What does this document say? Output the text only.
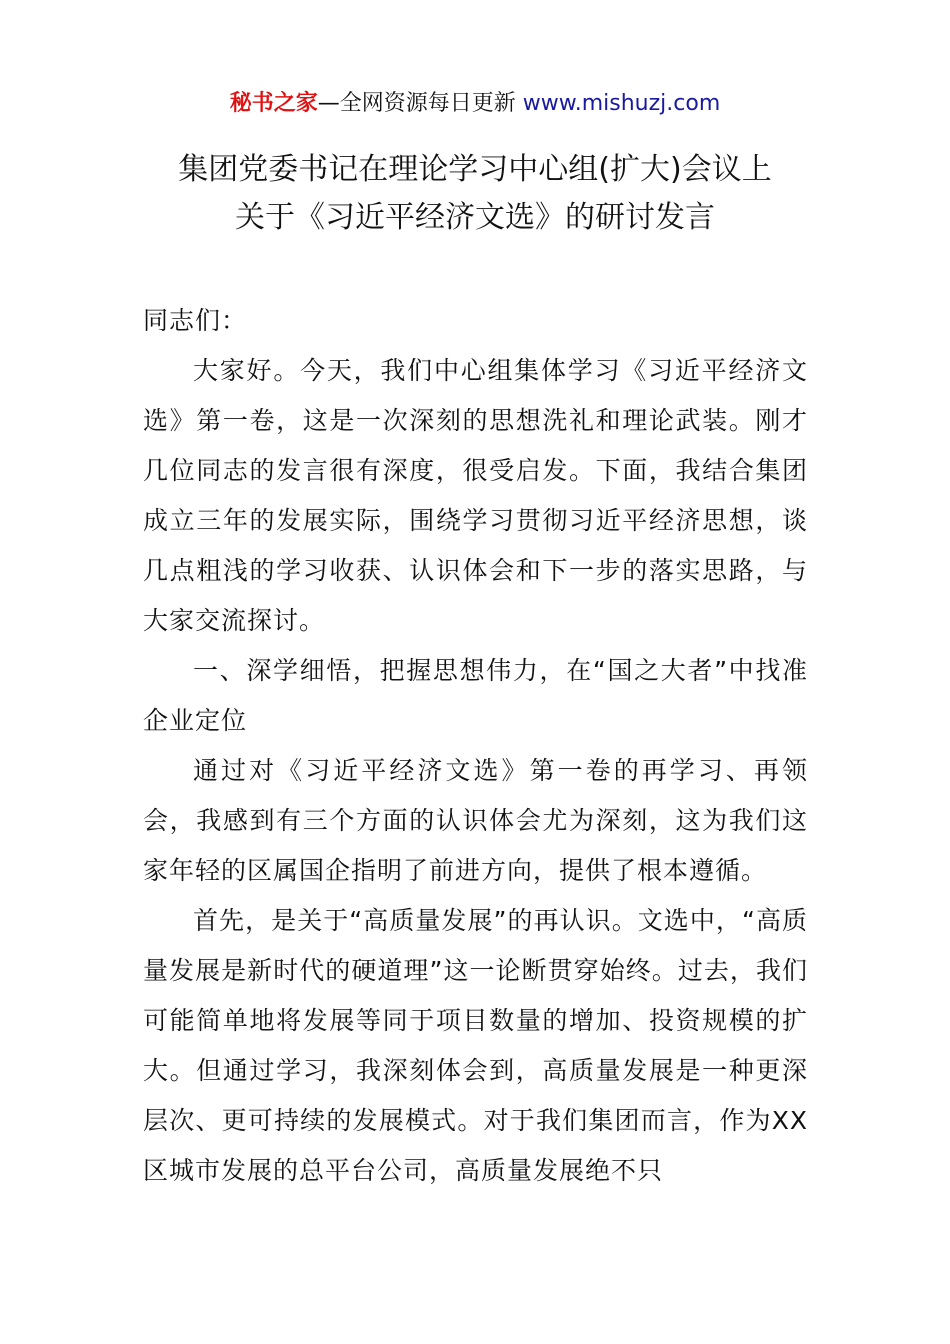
秘书之家—全网资源每日更新 www.mishuzj.com
集团党委书记在理论学习中心组(扩大)会议上
关于《习近平经济文选》的研讨发言

同志们：

大家好。今天，我们中心组集体学习《习近平经济文选》第一卷，这是一次深刻的思想洗礼和理论武装。刚才几位同志的发言很有深度，很受启发。下面，我结合集团成立三年的发展实际，围绕学习贯彻习近平经济思想，谈几点粗浅的学习收获、认识体会和下一步的落实思路，与大家交流探讨。

一、深学细悟，把握思想伟力，在“国之大者”中找准企业定位

通过对《习近平经济文选》第一卷的再学习、再领会，我感到有三个方面的认识体会尤为深刻，这为我们这家年轻的区属国企指明了前进方向，提供了根本遵循。

首先，是关于“高质量发展”的再认识。文选中，“高质量发展是新时代的硬道理”这一论断贯穿始终。过去，我们可能简单地将发展等同于项目数量的增加、投资规模的扩大。但通过学习，我深刻体会到，高质量发展是一种更深层次、更可持续的发展模式。对于我们集团而言，作为XX区城市发展的总平台公司，高质量发展绝不只
